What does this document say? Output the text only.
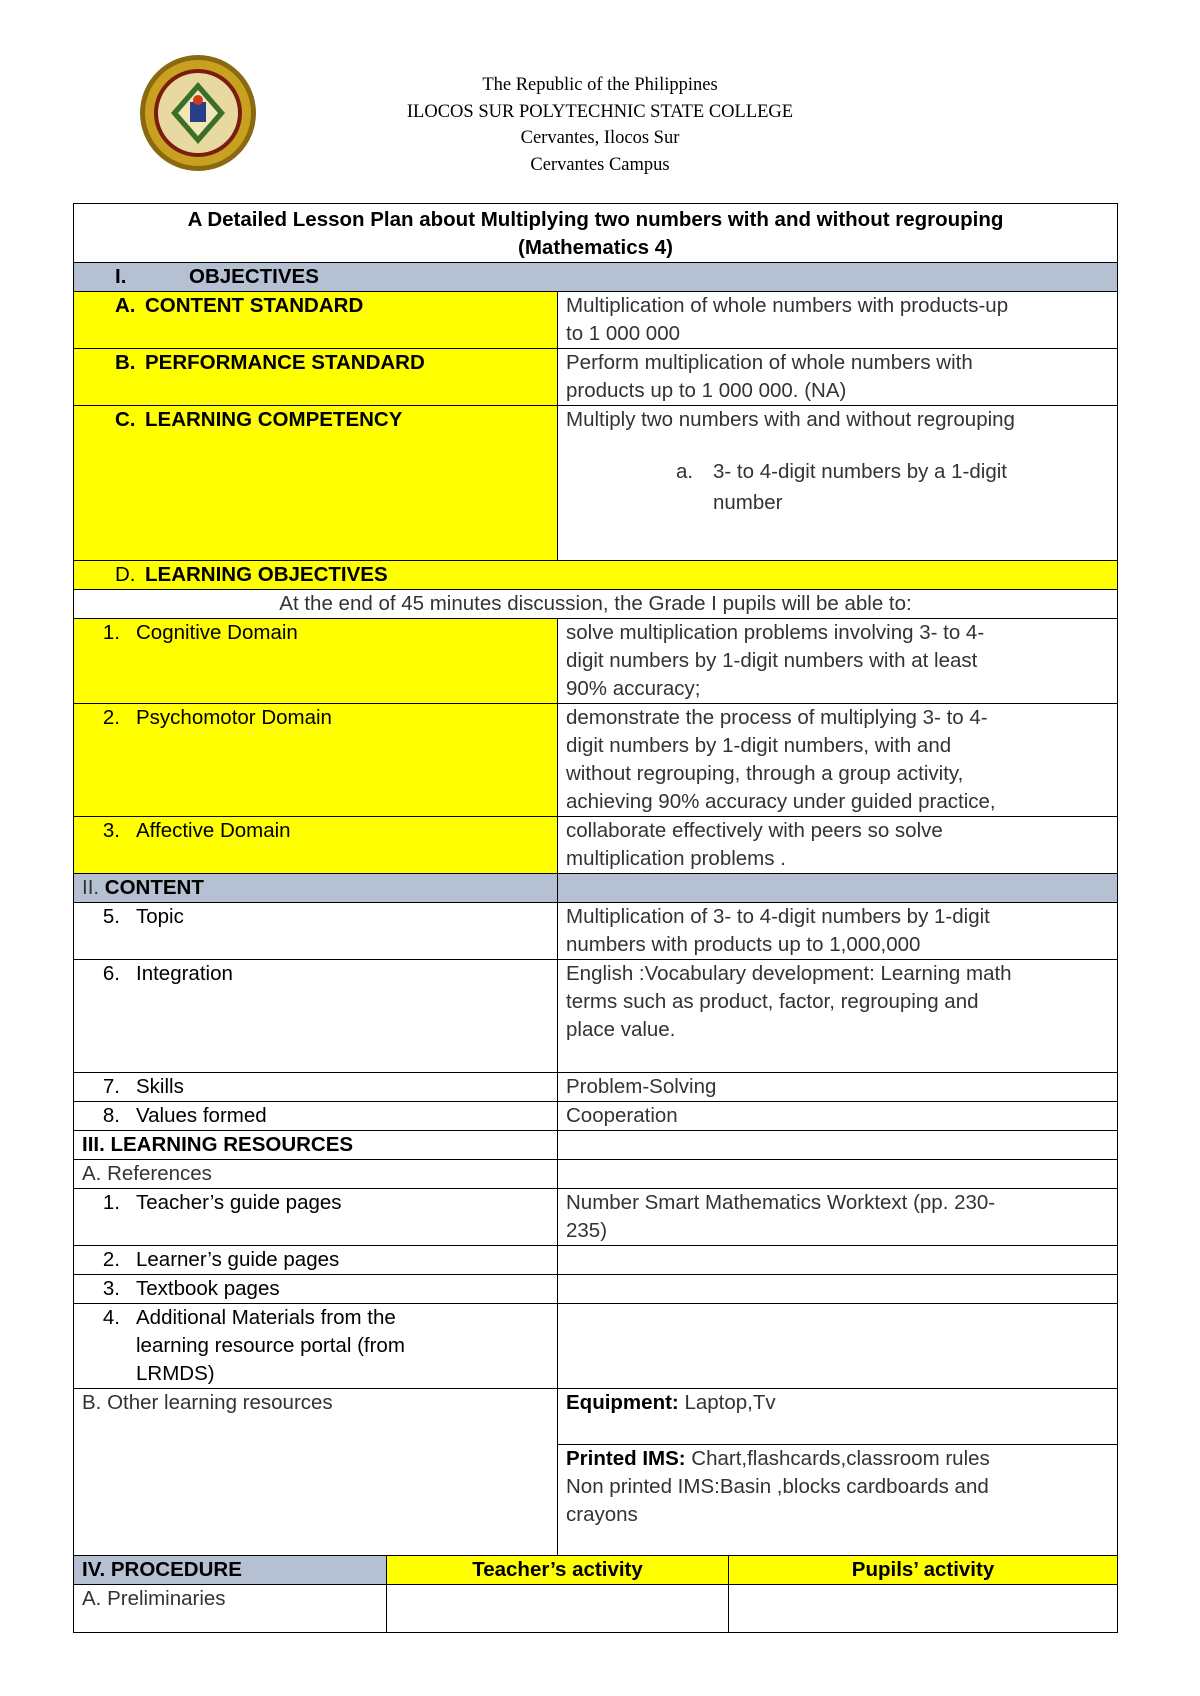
The Republic of the Philippines
ILOCOS SUR POLYTECHNIC STATE COLLEGE
Cervantes, Ilocos Sur
Cervantes Campus
A Detailed Lesson Plan about Multiplying two numbers with and without regrouping
(Mathematics 4)			

I. OBJECTIVES			
A. CONTENT STANDARD		Multiplication of whole numbers with products-up
to 1 000 000	

B. PERFORMANCE STANDARD		Perform multiplication of whole numbers with
products up to 1 000 000. (NA)	

C. LEARNING COMPETENCY		Multiply two numbers with and without regrouping
a. 3- to 4-digit numbers by a 1-digit
number	

D. LEARNING OBJECTIVES			
At the end of 45 minutes discussion, the Grade I pupils will be able to:			
1. Cognitive Domain		solve multiplication problems involving 3- to 4-
digit numbers by 1-digit numbers with at least
90% accuracy;	

2. Psychomotor Domain		demonstrate the process of multiplying 3- to 4-
digit numbers by 1-digit numbers, with and
without regrouping, through a group activity,
achieving 90% accuracy under guided practice,	

3. Affective Domain		collaborate effectively with peers so solve
multiplication problems .	

II. CONTENT			
5. Topic		Multiplication of 3- to 4-digit numbers by 1-digit
numbers with products up to 1,000,000	

6. Integration		English :Vocabulary development: Learning math
terms such as product, factor, regrouping and
place value.	

7. Skills		Problem-Solving	
8. Values formed		Cooperation	
III. LEARNING RESOURCES			
A. References			
1. Teacher’s guide pages		Number Smart Mathematics Worktext (pp. 230-
235)	

2. Learner’s guide pages			
3. Textbook pages			

4. Additional Materials from the
learning resource portal (from
LRMDS)			

B. Other learning resources		Equipment: Laptop,Tv	

		Printed IMS: Chart,flashcards,classroom rules
Non printed IMS:Basin ,blocks cardboards and
crayons	

IV. PROCEDURE	Teacher’s activity		Pupils’ activity
A. Preliminaries			
